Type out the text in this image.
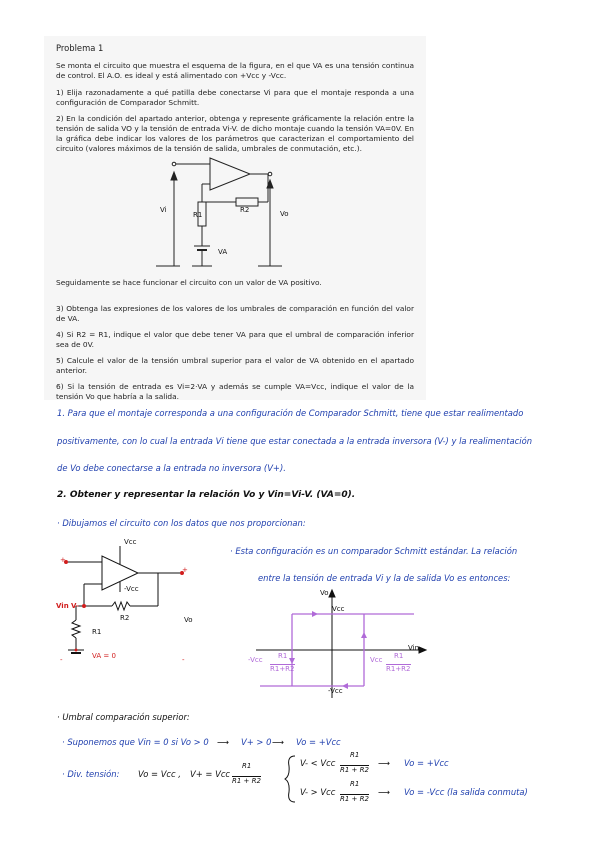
Problema 1
Se monta el circuito que muestra el esquema de la figura, en el que VA es una tensión continua de control. El A.O. es ideal y está alimentado con +Vcc y -Vcc.
1) Elija razonadamente a qué patilla debe conectarse Vi para que el montaje responda a una configuración de Comparador Schmitt.
2) En la condición del apartado anterior, obtenga y represente gráficamente la relación entre la tensión de salida VO y la tensión de entrada Vi-V. de dicho montaje cuando la tensión VA=0V. En la gráfica debe indicar los valores de los parámetros que caracterizan el comportamiento del circuito (valores máximos de la tensión de salida, umbrales de conmutación, etc.).
Vi
R1
R2	Vo
VA
Seguidamente se hace funcionar el circuito con un valor de VA positivo.
3) Obtenga las expresiones de los valores de los umbrales de comparación en función del valor de VA.
4) Si R2 = R1, indique el valor que debe tener VA para que el umbral de comparación inferior sea de 0V.
5) Calcule el valor de la tensión umbral superior para el valor de VA obtenido en el apartado anterior.
6) Si la tensión de entrada es Vi=2·VA y además se cumple VA=Vcc, indique el valor de la tensión Vo que habría a la salida.
1. Para que el montaje corresponda a una configuración de Comparador Schmitt, tiene que estar realimentado
positivamente, con lo cual la entrada Vi tiene que estar conectada a la entrada inversora (V-) y la realimentación
de Vo debe conectarse a la entrada no inversora (V+).
2. Obtener y representar la relación Vo y Vin=Vi-V. (VA=0).
· Dibujamos el circuito con los datos que nos proporcionan:
+
+
-	-
Vcc
-Vcc
Vin V-
R1
R2
VA = 0
Vo
· Esta configuración es un comparador Schmitt estándar. La relación
entre la tensión de entrada Vi y la de salida Vo es entonces:
Vo
Vin
Vcc
-Vcc
-Vcc R1
R1+R2
Vcc R1
R1+R2
· Umbral comparación superior:
· Suponemos que Vin = 0 si Vo > 0 ⟶ V+ > 0 ⟶ Vo = +Vcc
· Div. tensión: Vo = Vcc , V+ = Vcc
R1
R1 + R2
V- < Vcc
R1
R1 + R2
⟶ Vo = +Vcc
V- > Vcc
R1
R1 + R2
⟶ Vo = -Vcc (la salida conmuta)
